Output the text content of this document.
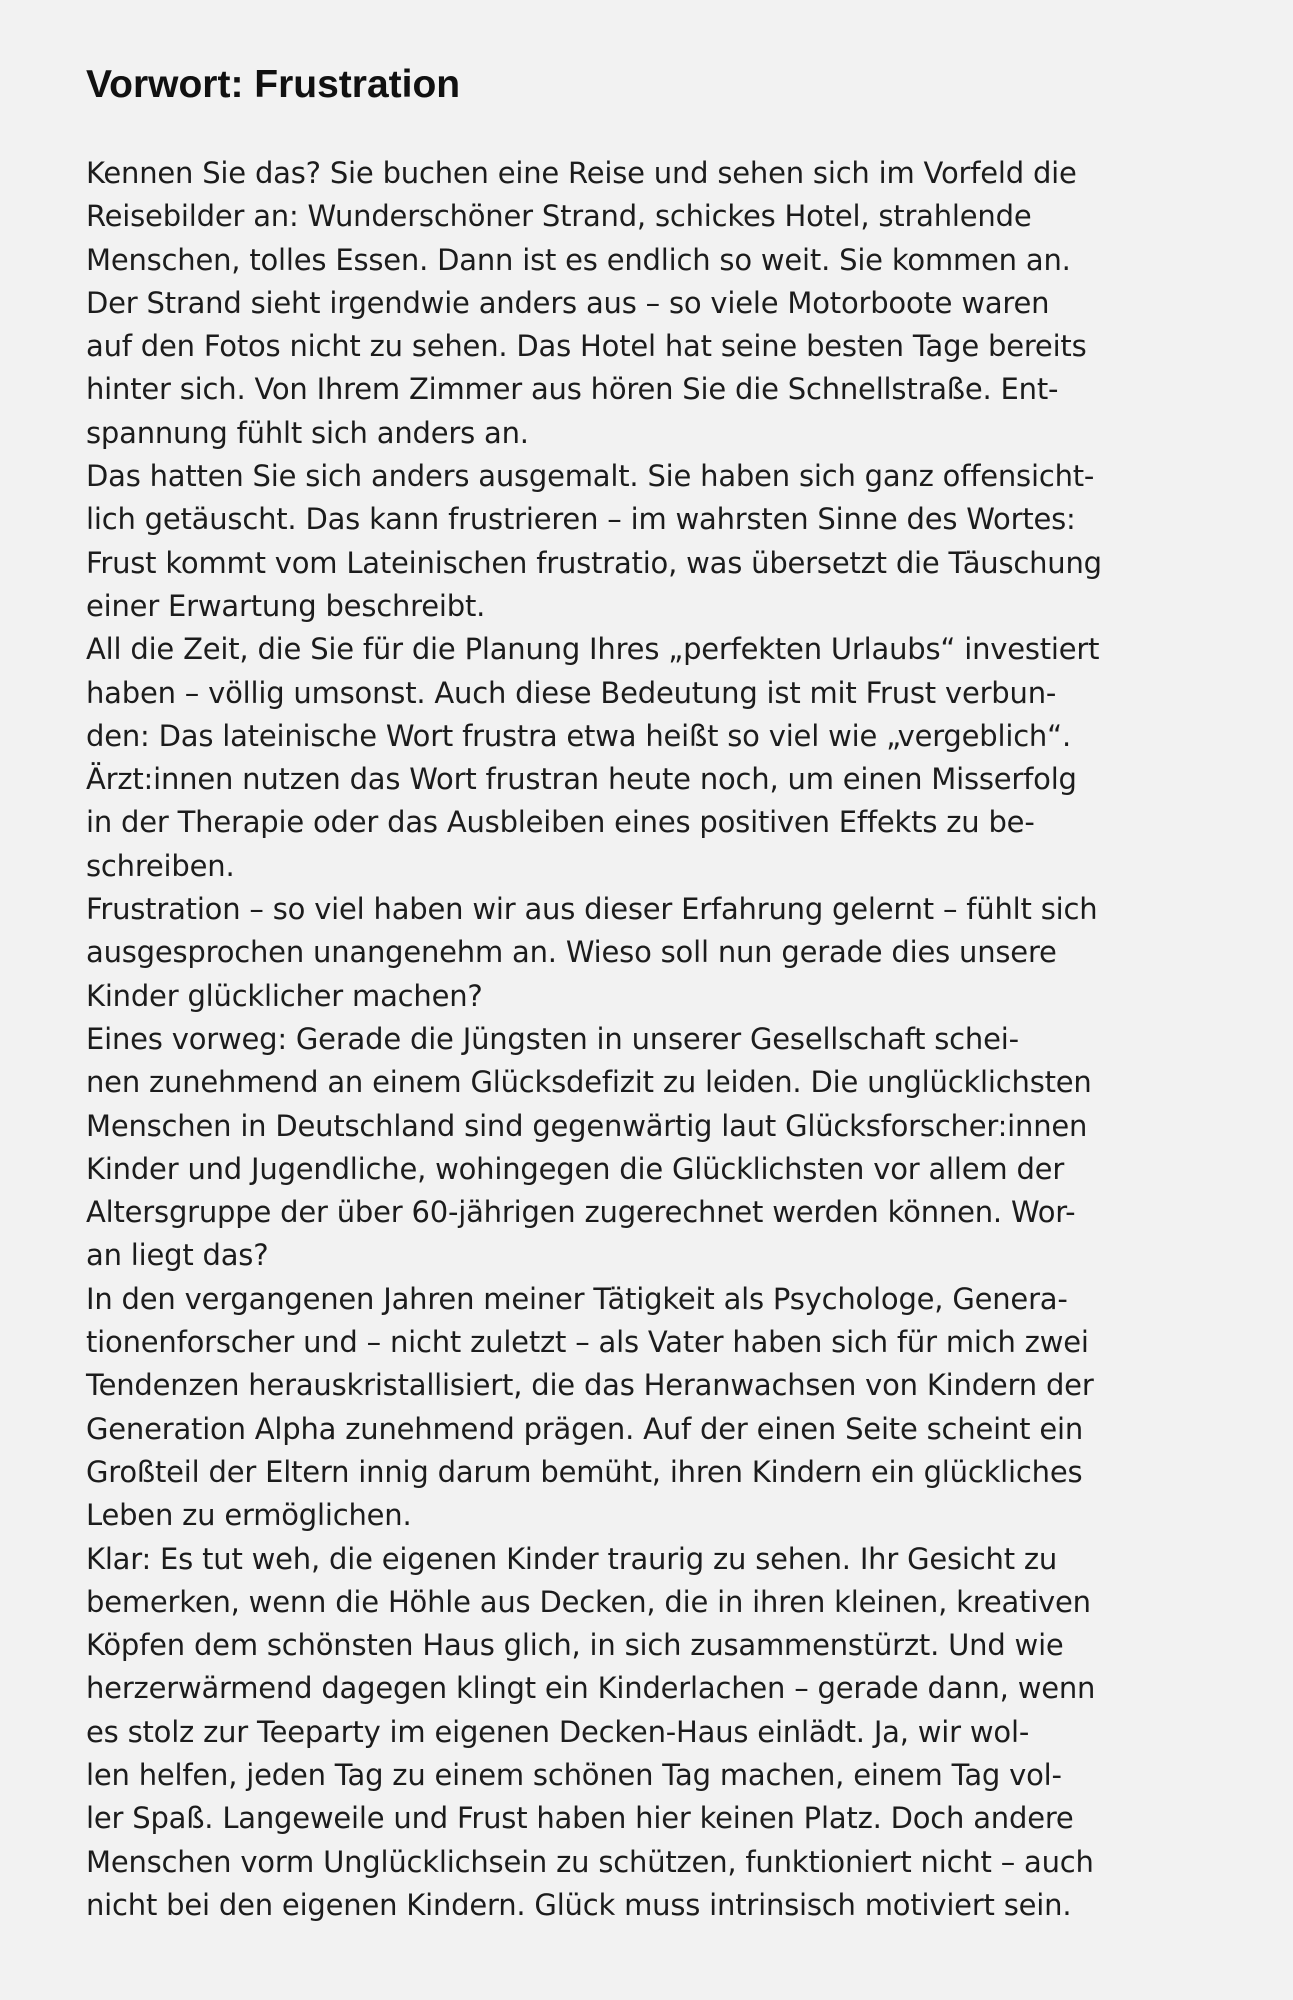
Vorwort: Frustration
Kennen Sie das? Sie buchen eine Reise und sehen sich im Vorfeld die
Reisebilder an: Wunderschöner Strand, schickes Hotel, strahlende
Menschen, tolles Essen. Dann ist es endlich so weit. Sie kommen an.
Der Strand sieht irgendwie anders aus – so viele Motorboote waren
auf den Fotos nicht zu sehen. Das Hotel hat seine besten Tage bereits
hinter sich. Von Ihrem Zimmer aus hören Sie die Schnellstraße. Ent-
spannung fühlt sich anders an.
Das hatten Sie sich anders ausgemalt. Sie haben sich ganz offensicht-
lich getäuscht. Das kann frustrieren – im wahrsten Sinne des Wortes:
Frust kommt vom Lateinischen frustratio, was übersetzt die Täuschung
einer Erwartung beschreibt.
All die Zeit, die Sie für die Planung Ihres „perfekten Urlaubs“ investiert
haben – völlig umsonst. Auch diese Bedeutung ist mit Frust verbun-
den: Das lateinische Wort frustra etwa heißt so viel wie „vergeblich“.
Ärzt:innen nutzen das Wort frustran heute noch, um einen Misserfolg
in der Therapie oder das Ausbleiben eines positiven Effekts zu be-
schreiben.
Frustration – so viel haben wir aus dieser Erfahrung gelernt – fühlt sich
ausgesprochen unangenehm an. Wieso soll nun gerade dies unsere
Kinder glücklicher machen?
Eines vorweg: Gerade die Jüngsten in unserer Gesellschaft schei-
nen zunehmend an einem Glücksdefizit zu leiden. Die unglücklichsten
Menschen in Deutschland sind gegenwärtig laut Glücksforscher:innen
Kinder und Jugendliche, wohingegen die Glücklichsten vor allem der
Altersgruppe der über 60-jährigen zugerechnet werden können. Wor-
an liegt das?
In den vergangenen Jahren meiner Tätigkeit als Psychologe, Genera-
tionenforscher und – nicht zuletzt – als Vater haben sich für mich zwei
Tendenzen herauskristallisiert, die das Heranwachsen von Kindern der
Generation Alpha zunehmend prägen. Auf der einen Seite scheint ein
Großteil der Eltern innig darum bemüht, ihren Kindern ein glückliches
Leben zu ermöglichen.
Klar: Es tut weh, die eigenen Kinder traurig zu sehen. Ihr Gesicht zu
bemerken, wenn die Höhle aus Decken, die in ihren kleinen, kreativen
Köpfen dem schönsten Haus glich, in sich zusammenstürzt. Und wie
herzerwärmend dagegen klingt ein Kinderlachen – gerade dann, wenn
es stolz zur Teeparty im eigenen Decken-Haus einlädt. Ja, wir wol-
len helfen, jeden Tag zu einem schönen Tag machen, einem Tag vol-
ler Spaß. Langeweile und Frust haben hier keinen Platz. Doch andere
Menschen vorm Unglücklichsein zu schützen, funktioniert nicht – auch
nicht bei den eigenen Kindern. Glück muss intrinsisch motiviert sein.
